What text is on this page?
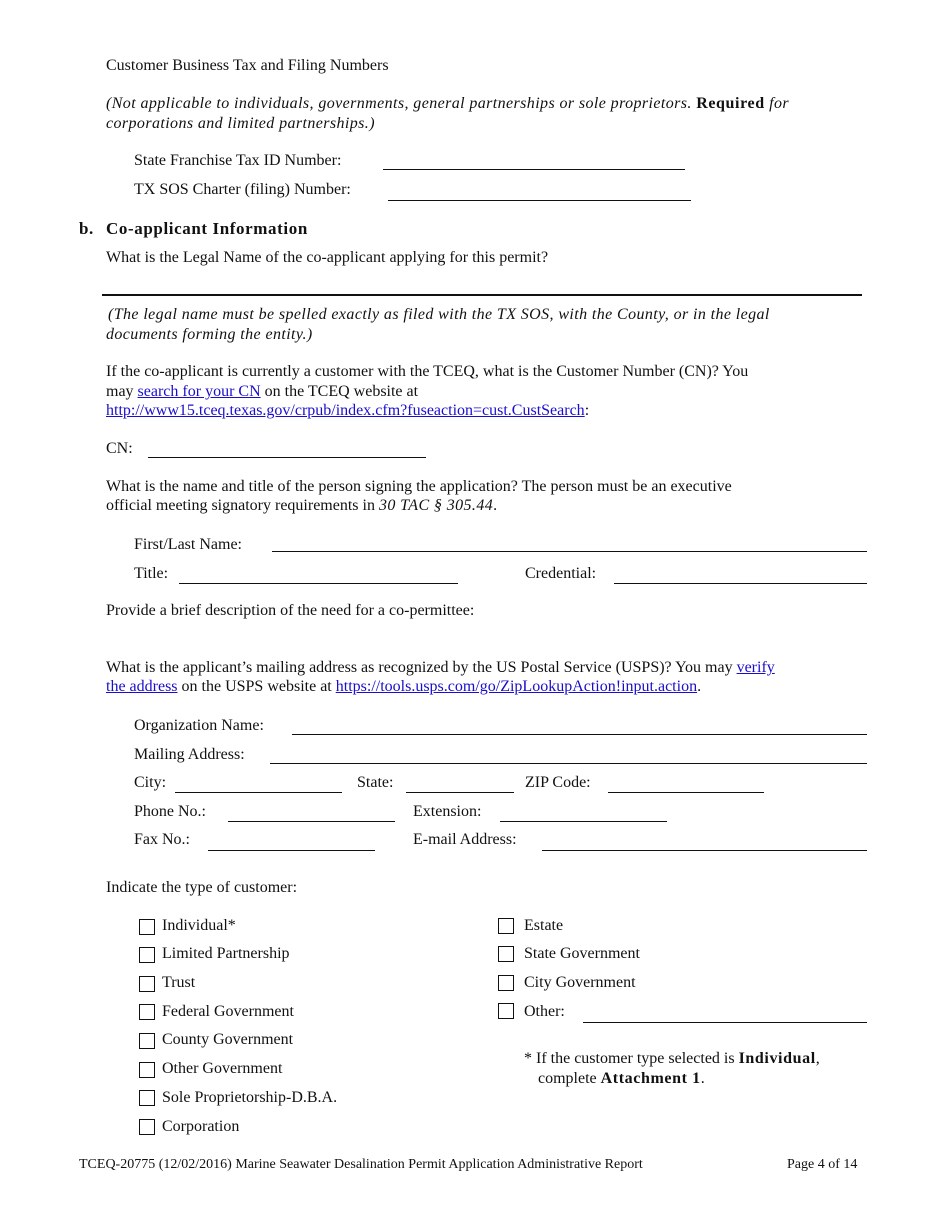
Customer Business Tax and Filing Numbers
(Not applicable to individuals, governments, general partnerships or sole proprietors. Required for
corporations and limited partnerships.)
State Franchise Tax ID Number:
TX SOS Charter (filing) Number:
b. Co-applicant Information
What is the Legal Name of the co-applicant applying for this permit?
(The legal name must be spelled exactly as filed with the TX SOS, with the County, or in the legal
documents forming the entity.)
If the co-applicant is currently a customer with the TCEQ, what is the Customer Number (CN)? You
may search for your CN on the TCEQ website at
http://www15.tceq.texas.gov/crpub/index.cfm?fuseaction=cust.CustSearch:
CN:
What is the name and title of the person signing the application? The person must be an executive
official meeting signatory requirements in 30 TAC § 305.44.
First/Last Name:
Title:	Credential:
Provide a brief description of the need for a co-permittee:
What is the applicant’s mailing address as recognized by the US Postal Service (USPS)? You may verify
the address on the USPS website at https://tools.usps.com/go/ZipLookupAction!input.action.
Organization Name:
Mailing Address:
City:	State:	ZIP Code:
Phone No.:	Extension:
Fax No.:	E-mail Address:
Indicate the type of customer:
Individual*
Limited Partnership
Trust
Federal Government
County Government
Other Government
Sole Proprietorship-D.B.A.
Corporation
Estate
State Government
City Government
Other:
* If the customer type selected is Individual,
complete Attachment 1.
TCEQ-20775 (12/02/2016) Marine Seawater Desalination Permit Application Administrative Report	Page 4 of 14
